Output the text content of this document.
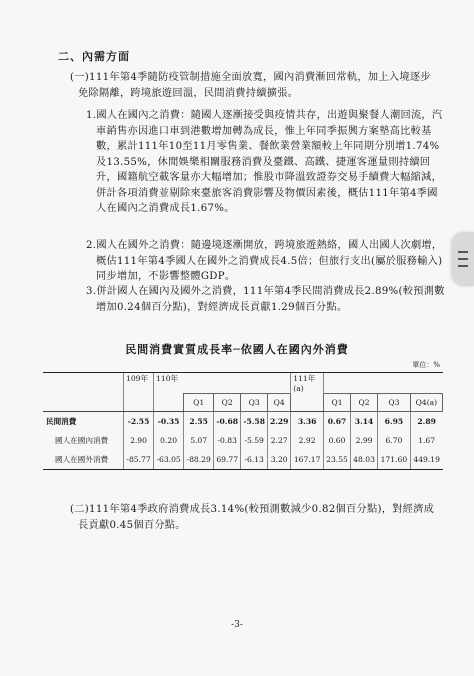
二、內需方面
(一)111年第4季隨防疫管制措施全面放寬，國內消費漸回常軌，加上入境逐步免除隔離，跨境旅遊回溫，民間消費持續擴張。
1.國人在國內之消費：隨國人逐漸接受與疫情共存，出遊與聚餐人潮回流，汽車銷售亦因進口車到港數增加轉為成長，惟上年同季振興方案墊高比較基數，累計111年10至11月零售業、餐飲業營業額較上年同期分別增1.74%及13.55%，休閒娛樂相關服務消費及臺鐵、高鐵、捷運客運量則持續回升，國籍航空載客量亦大幅增加；惟股市降溫致證券交易手續費大幅縮減，併計各項消費並剔除來臺旅客消費影響及物價因素後，概估111年第4季國人在國內之消費成長1.67%。
2.國人在國外之消費：隨邊境逐漸開放，跨境旅遊熱絡，國人出國人次劇增，概估111年第4季國人在國外之消費成長4.5倍；但旅行支出(屬於服務輸入)同步增加，不影響整體GDP。
3.併計國人在國內及國外之消費，111年第4季民間消費成長2.89%(較預測數增加0.24個百分點)，對經濟成長貢獻1.29個百分點。
民間消費實質成長率─依國人在國內外消費
單位：%
	109年	110年					111年
(a)				
			Q1	Q2	Q3	Q4		Q1	Q2	Q3	Q4(a)
民間消費	-2.55	-0.35	2.55	-0.68	-5.58	2.29	3.36	0.67	3.14	6.95	2.89
國人在國內消費	2.90	0.20	5.07	-0.83	-5.59	2.27	2.92	0.60	2.99	6.70	1.67
國人在國外消費	-85.77	-63.05	-88.29	69.77	-6.13	3.20	167.17	23.55	48.03	171.60	449.19
(二)111年第4季政府消費成長3.14%(較預測數減少0.82個百分點)，對經濟成長貢獻0.45個百分點。
-3-
